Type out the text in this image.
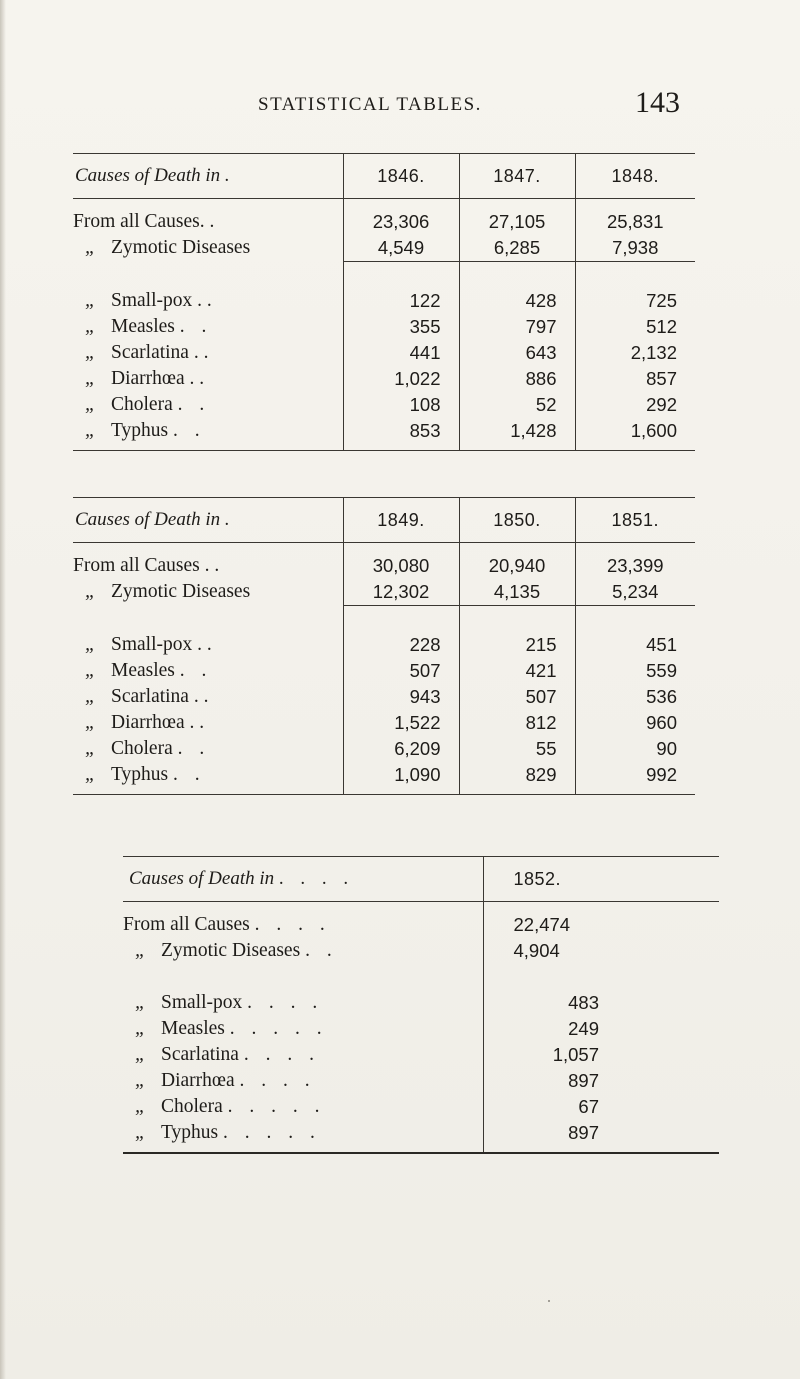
STATISTICAL TABLES.	143
Causes of Death in .	1846.	1847.	1848.
From all Causes. .	23,306	27,105	25,831
„ Zymotic Diseases	4,549	6,285	7,938

„ Small-pox . .	122	428	725
„ Measles . .	355	797	512
„ Scarlatina . .	441	643	2,132
„ Diarrhœa . .	1,022	886	857
„ Cholera . .	108	52	292
„ Typhus . .	853	1,428	1,600
Causes of Death in .	1849.	1850.	1851.
From all Causes . .	30,080	20,940	23,399
„ Zymotic Diseases	12,302	4,135	5,234

„ Small-pox . .	228	215	451
„ Measles . .	507	421	559
„ Scarlatina . .	943	507	536
„ Diarrhœa . .	1,522	812	960
„ Cholera . .	6,209	55	90
„ Typhus . .	1,090	829	992
Causes of Death in . . . .	1852.
From all Causes . . . .	22,474
„ Zymotic Diseases . .	4,904

„ Small-pox . . . .	483
„ Measles . . . . .	249
„ Scarlatina . . . .	1,057
„ Diarrhœa . . . .	897
„ Cholera . . . . .	67
„ Typhus . . . . .	897
